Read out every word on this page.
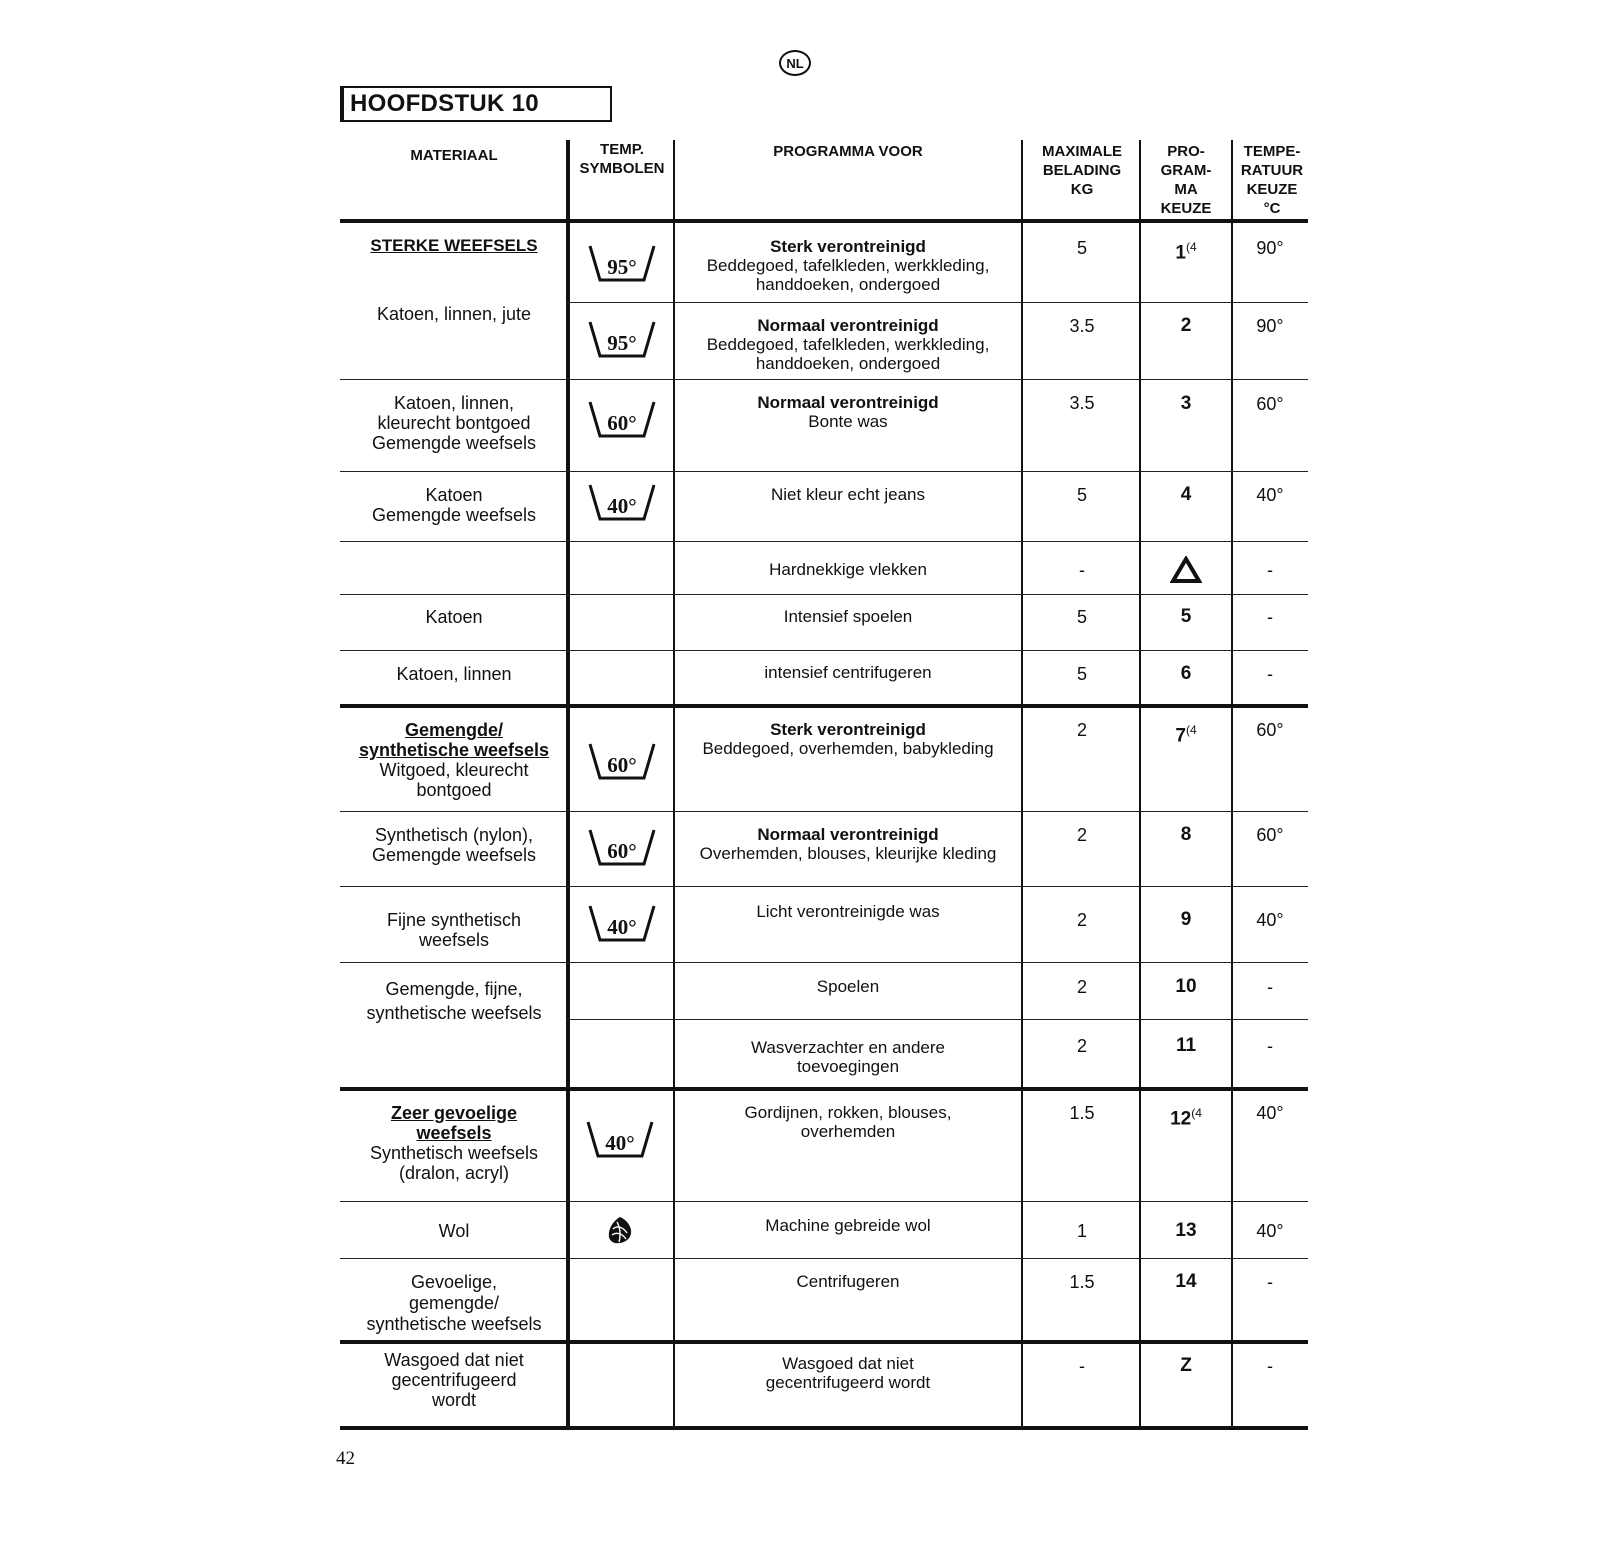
NL
HOOFDSTUK 10
MATERIAAL	TEMP.
SYMBOLEN
PROGRAMMA VOOR	MAXIMALE
BELADING
KG
PRO-
GRAM-
MA
KEUZE
TEMPE-
RATUUR
KEUZE
°C
STERKE WEEFSELS
Katoen, linnen, jute
Katoen, linnen,
kleurecht bontgoed
Gemengde weefsels
Katoen
Gemengde weefsels
Katoen
Katoen, linnen
Gemengde/
synthetische weefsels
Witgoed, kleurecht
bontgoed
Synthetisch (nylon),
Gemengde weefsels
Fijne synthetisch
weefsels
Gemengde, fijne,
synthetische weefsels
Zeer gevoelige
weefsels
Synthetisch weefsels
(dralon, acryl)
Wol
Gevoelige,
gemengde/
synthetische weefsels
Wasgoed dat niet
gecentrifugeerd
wordt
95°
95°
60°
40°
60°
60°
40°
40°
Sterk verontreinigd
Beddegoed, tafelkleden, werkkleding,
handdoeken, ondergoed
Normaal verontreinigd
Beddegoed, tafelkleden, werkkleding,
handdoeken, ondergoed
Normaal verontreinigd
Bonte was
Niet kleur echt jeans
Hardnekkige vlekken
Intensief spoelen
intensief centrifugeren
Sterk verontreinigd
Beddegoed, overhemden, babykleding
Normaal verontreinigd
Overhemden, blouses, kleurijke kleding
Licht verontreinigde was
Spoelen
Wasverzachter en andere
toevoegingen
Gordijnen, rokken, blouses,
overhemden
Machine gebreide wol
Centrifugeren
Wasgoed dat niet
gecentrifugeerd wordt
5
3.5
3.5
5
-
5
5
2
2
2
2
2
1.5
1
1.5
-
1$^{(4}$
2
3
4
5
6
7$^{(4}$
8
9
10
11
12$^{(4}$
13
14
Z
90°
90°
60°
40°
-
-
-
60°
60°
40°
-
-
40°
40°
-
-
42
